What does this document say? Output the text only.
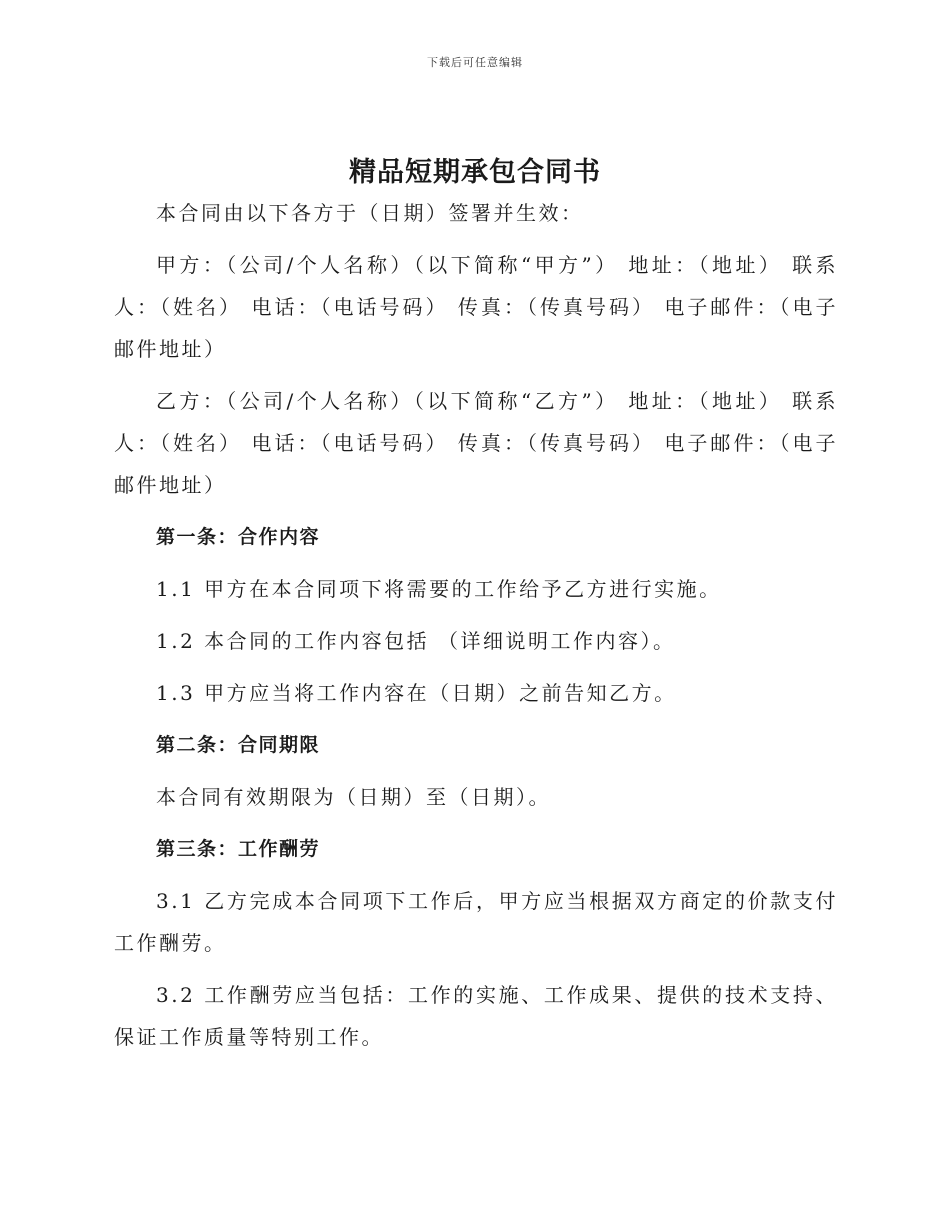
下载后可任意编辑
精品短期承包合同书

本合同由以下各方于（日期）签署并生效：

甲方：（公司/个人名称）（以下简称“甲方”） 地址：（地址） 联系人：（姓名） 电话：（电话号码） 传真：（传真号码） 电子邮件：（电子邮件地址）

乙方：（公司/个人名称）（以下简称“乙方”） 地址：（地址） 联系人：（姓名） 电话：（电话号码） 传真：（传真号码） 电子邮件：（电子邮件地址）

第一条：合作内容

1.1 甲方在本合同项下将需要的工作给予乙方进行实施。

1.2 本合同的工作内容包括 （详细说明工作内容）。

1.3 甲方应当将工作内容在（日期）之前告知乙方。

第二条：合同期限

本合同有效期限为（日期）至（日期）。

第三条：工作酬劳

3.1 乙方完成本合同项下工作后，甲方应当根据双方商定的价款支付工作酬劳。

3.2 工作酬劳应当包括：工作的实施、工作成果、提供的技术支持、保证工作质量等特别工作。
